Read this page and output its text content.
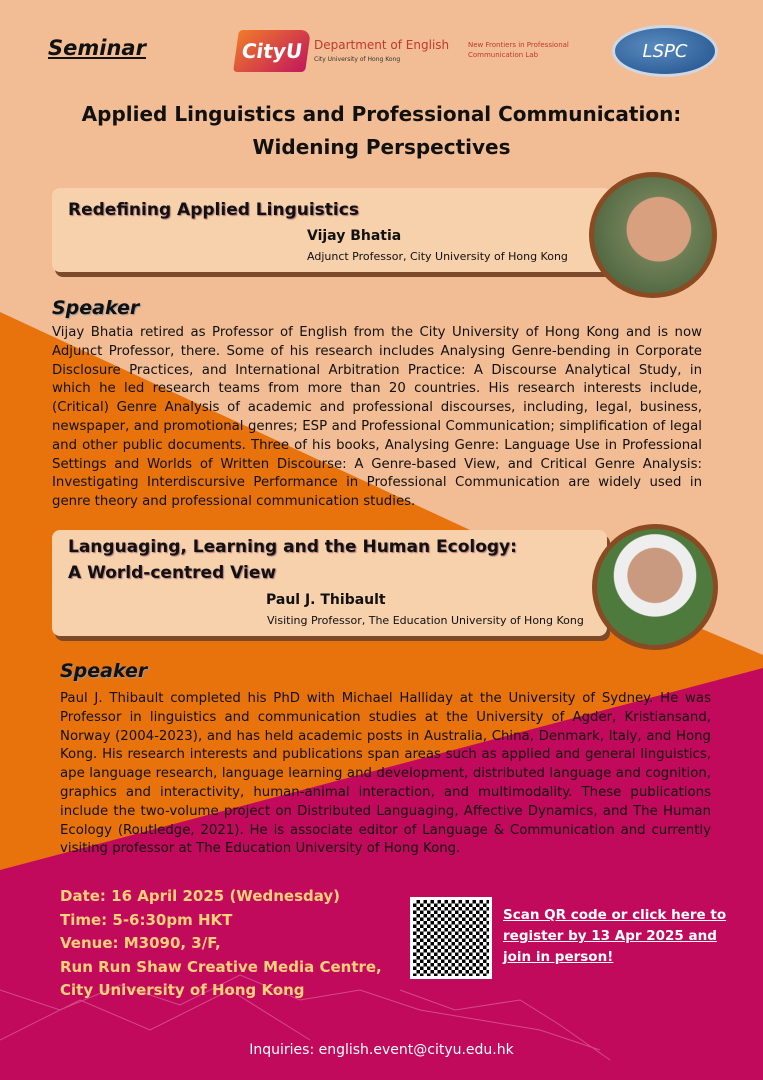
Seminar	CityU Department of English
City University of Hong Kong
New Frontiers in Professional Communication Lab	LSPC
Applied Linguistics and Professional Communication:
Widening Perspectives
Redefining Applied Linguistics
Vijay Bhatia
Adjunct Professor, City University of Hong Kong
Speaker
Vijay Bhatia retired as Professor of English from the City University of Hong Kong and is now Adjunct Professor, there. Some of his research includes Analysing Genre-bending in Corporate Disclosure Practices, and International Arbitration Practice: A Discourse Analytical Study, in which he led research teams from more than 20 countries. His research interests include, (Critical) Genre Analysis of academic and professional discourses, including, legal, business, newspaper, and promotional genres; ESP and Professional Communication; simplification of legal and other public documents. Three of his books, Analysing Genre: Language Use in Professional Settings and Worlds of Written Discourse: A Genre-based View, and Critical Genre Analysis: Investigating Interdiscursive Performance in Professional Communication are widely used in genre theory and professional communication studies.
Languaging, Learning and the Human Ecology:
A World-centred View
Paul J. Thibault
Visiting Professor, The Education University of Hong Kong
Speaker
Paul J. Thibault completed his PhD with Michael Halliday at the University of Sydney. He was Professor in linguistics and communication studies at the University of Agder, Kristiansand, Norway (2004-2023), and has held academic posts in Australia, China, Denmark, Italy, and Hong Kong. His research interests and publications span areas such as applied and general linguistics, ape language research, language learning and development, distributed language and cognition, graphics and interactivity, human-animal interaction, and multimodality. These publications include the two-volume project on Distributed Languaging, Affective Dynamics, and The Human Ecology (Routledge, 2021). He is associate editor of Language & Communication and currently visiting professor at The Education University of Hong Kong.
Date: 16 April 2025 (Wednesday)
Time: 5-6:30pm HKT
Venue: M3090, 3/F,
Run Run Shaw Creative Media Centre,
City University of Hong Kong
Scan QR code or click here to register by 13 Apr 2025 and join in person!
Inquiries: english.event@cityu.edu.hk
